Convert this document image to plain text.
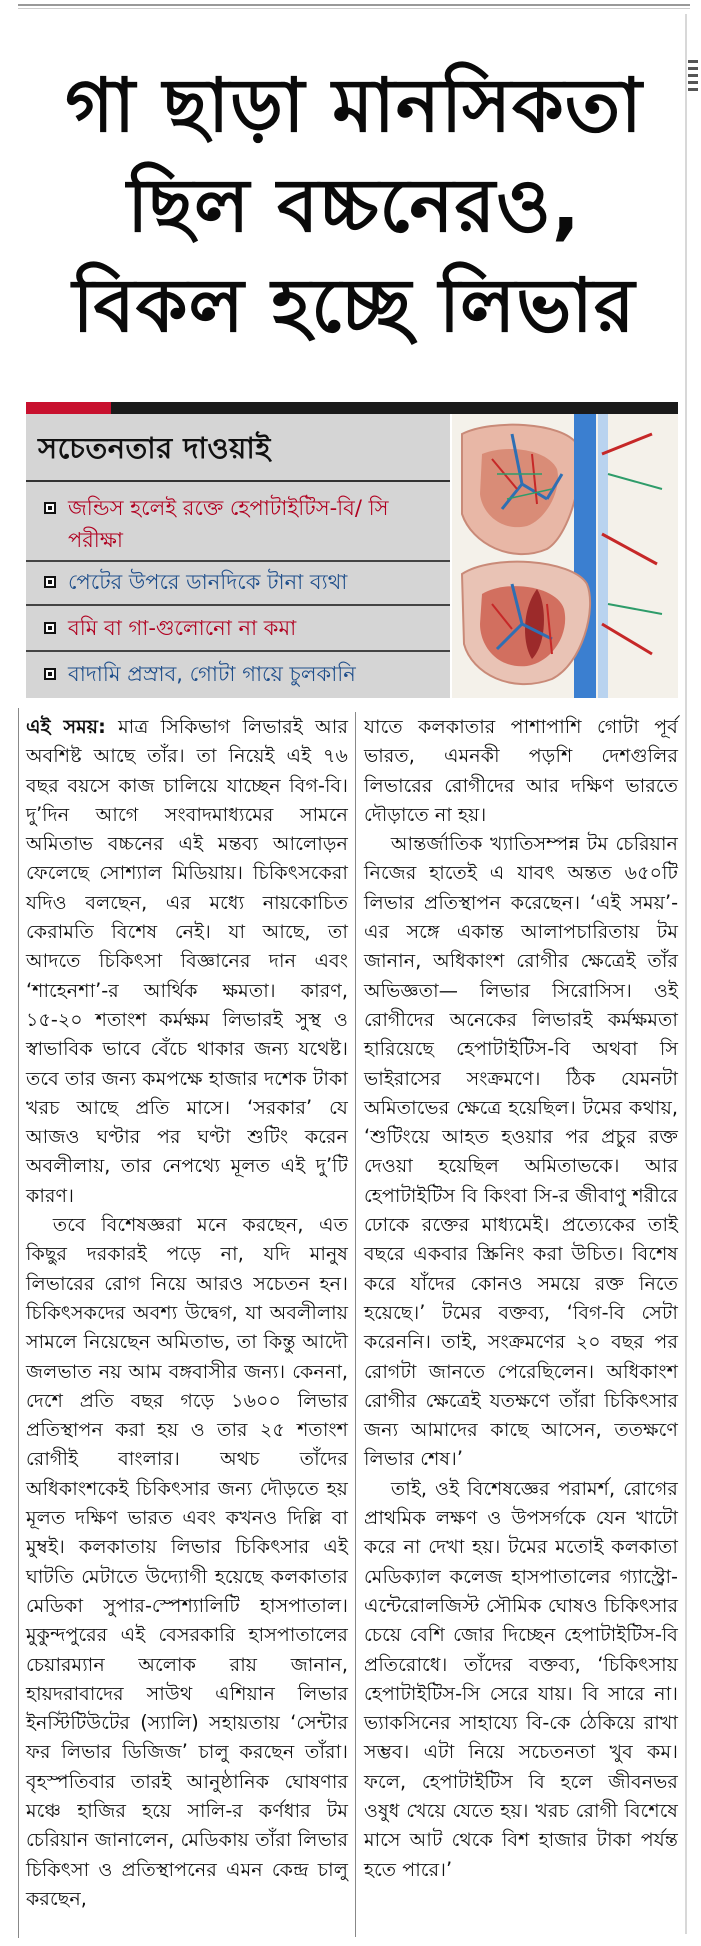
গা ছাড়া মানসিকতা
ছিল বচ্চনেরও,
বিকল হচ্ছে লিভার
সচেতনতার দাওয়াই
জন্ডিস হলেই রক্তে হেপাটাইটিস-বি/ সি পরীক্ষা
পেটের উপরে ডানদিকে টানা ব্যথা
বমি বা গা-গুলোনো না কমা
বাদামি প্রস্রাব, গোটা গায়ে চুলকানি

এই সময়: মাত্র সিকিভাগ লিভারই আর অবশিষ্ট আছে তাঁর। তা নিয়েই এই ৭৬ বছর বয়সে কাজ চালিয়ে যাচ্ছেন বিগ-বি। দু’দিন আগে সংবাদমাধ্যমের সামনে অমিতাভ বচ্চনের এই মন্তব্য আলোড়ন ফেলেছে সোশ্যাল মিডিয়ায়। চিকিৎসকেরা যদিও বলছেন, এর মধ্যে নায়কোচিত কেরামতি বিশেষ নেই। যা আছে, তা আদতে চিকিৎসা বিজ্ঞানের দান এবং ‘শাহেনশা’-র আর্থিক ক্ষমতা। কারণ, ১৫-২০ শতাংশ কর্মক্ষম লিভারই সুস্থ ও স্বাভাবিক ভাবে বেঁচে থাকার জন্য যথেষ্ট। তবে তার জন্য কমপক্ষে হাজার দশেক টাকা খরচ আছে প্রতি মাসে। ‘সরকার’ যে আজও ঘণ্টার পর ঘণ্টা শুটিং করেন অবলীলায়, তার নেপথ্যে মূলত এই দু’টি কারণ।

তবে বিশেষজ্ঞরা মনে করছেন, এত কিছুর দরকারই পড়ে না, যদি মানুষ লিভারের রোগ নিয়ে আরও সচেতন হন। চিকিৎসকদের অবশ্য উদ্বেগ, যা অবলীলায় সামলে নিয়েছেন অমিতাভ, তা কিন্তু আদৌ জলভাত নয় আম বঙ্গবাসীর জন্য। কেননা, দেশে প্রতি বছর গড়ে ১৬০০ লিভার প্রতিস্থাপন করা হয় ও তার ২৫ শতাংশ রোগীই বাংলার। অথচ তাঁদের অধিকাংশকেই চিকিৎসার জন্য দৌড়তে হয় মূলত দক্ষিণ ভারত এবং কখনও দিল্লি বা মুম্বই। কলকাতায় লিভার চিকিৎসার এই ঘাটতি মেটাতে উদ্যোগী হয়েছে কলকাতার মেডিকা সুপার-স্পেশ্যালিটি হাসপাতাল। মুকুন্দপুরের এই বেসরকারি হাসপাতালের চেয়ারম্যান অলোক রায় জানান, হায়দরাবাদের সাউথ এশিয়ান লিভার ইনস্টিটিউটের (স্যালি) সহায়তায় ‘সেন্টার ফর লিভার ডিজিজ’ চালু করছেন তাঁরা। বৃহস্পতিবার তারই আনুষ্ঠানিক ঘোষণার মঞ্চে হাজির হয়ে সালি-র কর্ণধার টম চেরিয়ান জানালেন, মেডিকায় তাঁরা লিভার চিকিৎসা ও প্রতিস্থাপনের এমন কেন্দ্র চালু করছেন,

যাতে কলকাতার পাশাপাশি গোটা পূর্ব ভারত, এমনকী পড়শি দেশগুলির লিভারের রোগীদের আর দক্ষিণ ভারতে দৌড়াতে না হয়।

আন্তর্জাতিক খ্যাতিসম্পন্ন টম চেরিয়ান নিজের হাতেই এ যাবৎ অন্তত ৬৫০টি লিভার প্রতিস্থাপন করেছেন। ‘এই সময়’-এর সঙ্গে একান্ত আলাপচারিতায় টম জানান, অধিকাংশ রোগীর ক্ষেত্রেই তাঁর অভিজ্ঞতা— লিভার সিরোসিস। ওই রোগীদের অনেকের লিভারই কর্মক্ষমতা হারিয়েছে হেপাটাইটিস-বি অথবা সি ভাইরাসের সংক্রমণে। ঠিক যেমনটা অমিতাভের ক্ষেত্রে হয়েছিল। টমের কথায়, ‘শুটিংয়ে আহত হওয়ার পর প্রচুর রক্ত দেওয়া হয়েছিল অমিতাভকে। আর হেপাটাইটিস বি কিংবা সি-র জীবাণু শরীরে ঢোকে রক্তের মাধ্যমেই। প্রত্যেকের তাই বছরে একবার স্ক্রিনিং করা উচিত। বিশেষ করে যাঁদের কোনও সময়ে রক্ত নিতে হয়েছে।’ টমের বক্তব্য, ‘বিগ-বি সেটা করেননি। তাই, সংক্রমণের ২০ বছর পর রোগটা জানতে পেরেছিলেন। অধিকাংশ রোগীর ক্ষেত্রেই যতক্ষণে তাঁরা চিকিৎসার জন্য আমাদের কাছে আসেন, ততক্ষণে লিভার শেষ।’

তাই, ওই বিশেষজ্ঞের পরামর্শ, রোগের প্রাথমিক লক্ষণ ও উপসর্গকে যেন খাটো করে না দেখা হয়। টমের মতোই কলকাতা মেডিক্যাল কলেজ হাসপাতালের গ্যাস্ট্রো-এন্টেরোলজিস্ট সৌমিক ঘোষও চিকিৎসার চেয়ে বেশি জোর দিচ্ছেন হেপাটাইটিস-বি প্রতিরোধে। তাঁদের বক্তব্য, ‘চিকিৎসায় হেপাটাইটিস-সি সেরে যায়। বি সারে না। ভ্যাকসিনের সাহায্যে বি-কে ঠেকিয়ে রাখা সম্ভব। এটা নিয়ে সচেতনতা খুব কম। ফলে, হেপাটাইটিস বি হলে জীবনভর ওষুধ খেয়ে যেতে হয়। খরচ রোগী বিশেষে মাসে আট থেকে বিশ হাজার টাকা পর্যন্ত হতে পারে।’
